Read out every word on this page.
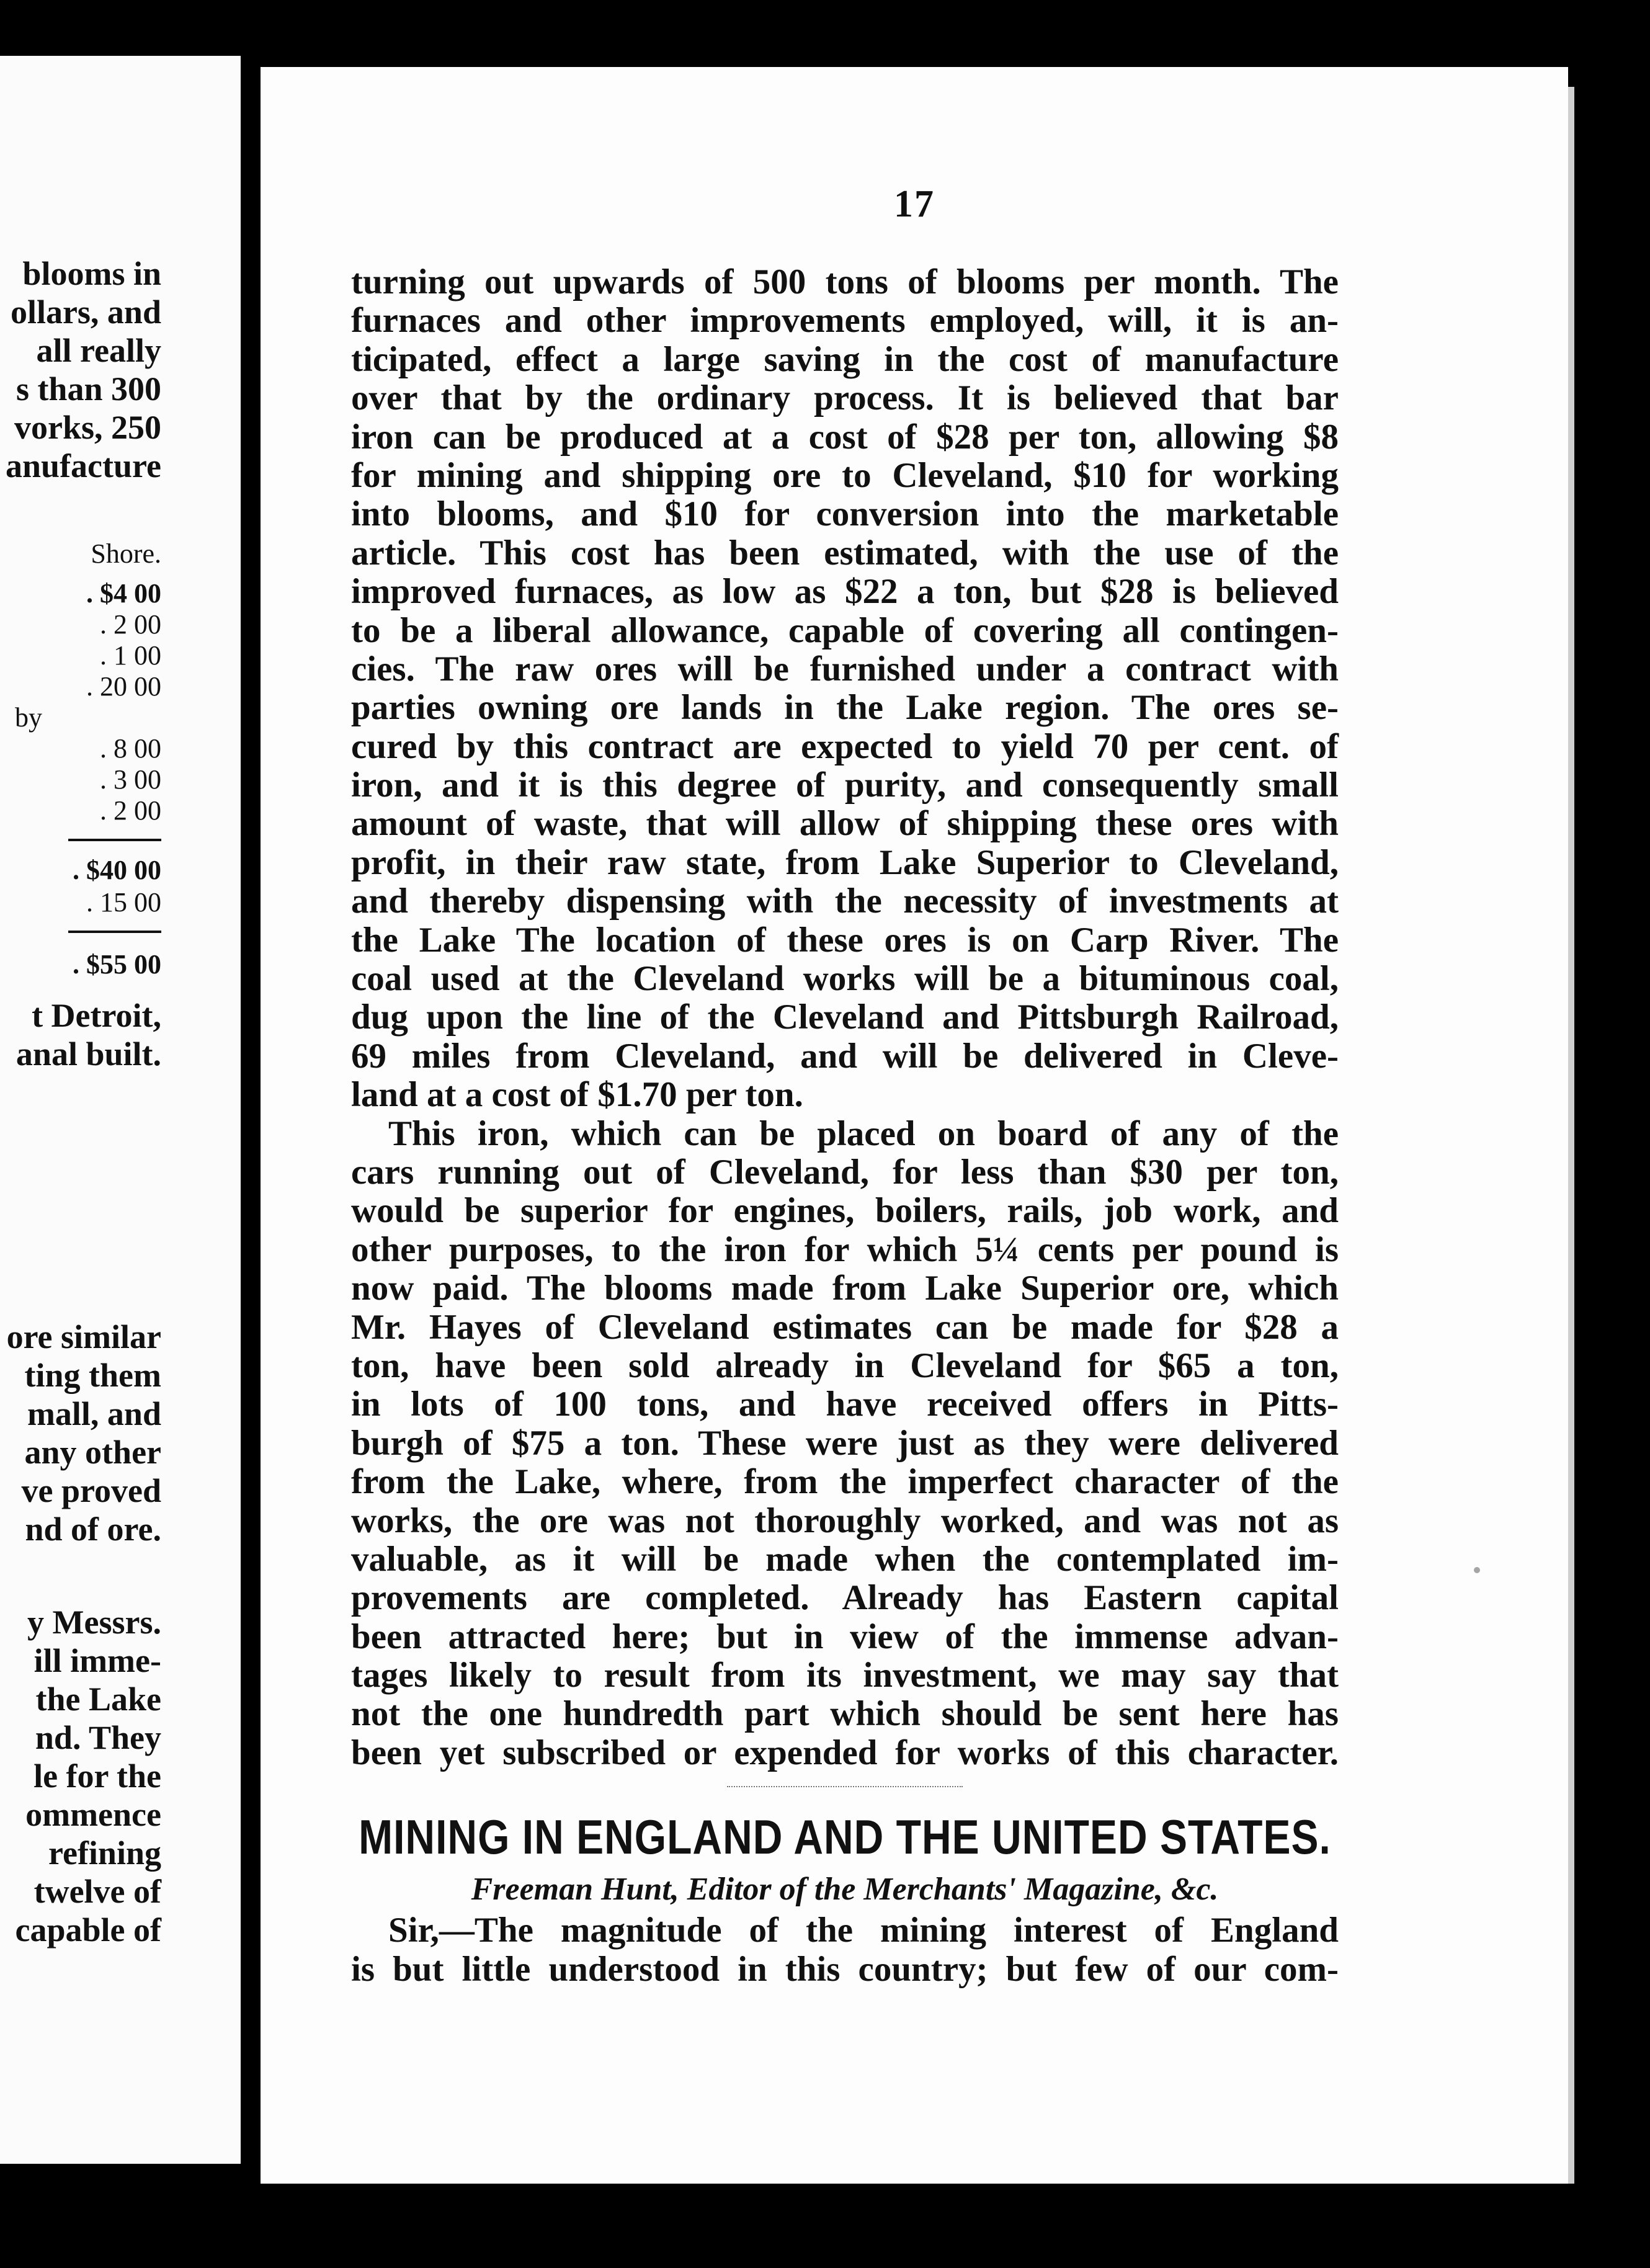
blooms in
ollars, and
all really
s than 300
vorks, 250
anufacture
Shore.
. $4 00
. 2 00
. 1 00
. 20 00
by
. 8 00
. 3 00
. 2 00
. $40 00
. 15 00
. $55 00
t Detroit,
anal built.
ore similar
ting them
mall, and
any other
ve proved
nd of ore.
y Messrs.
ill imme-
the Lake
nd. They
le for the
ommence
refining
twelve of
capable of
17
turning out upwards of 500 tons of blooms per month. The
furnaces and other improvements employed, will, it is an-
ticipated, effect a large saving in the cost of manufacture
over that by the ordinary process. It is believed that bar
iron can be produced at a cost of $28 per ton, allowing $8
for mining and shipping ore to Cleveland, $10 for working
into blooms, and $10 for conversion into the marketable
article. This cost has been estimated, with the use of the
improved furnaces, as low as $22 a ton, but $28 is believed
to be a liberal allowance, capable of covering all contingen-
cies. The raw ores will be furnished under a contract with
parties owning ore lands in the Lake region. The ores se-
cured by this contract are expected to yield 70 per cent. of
iron, and it is this degree of purity, and consequently small
amount of waste, that will allow of shipping these ores with
profit, in their raw state, from Lake Superior to Cleveland,
and thereby dispensing with the necessity of investments at
the Lake The location of these ores is on Carp River. The
coal used at the Cleveland works will be a bituminous coal,
dug upon the line of the Cleveland and Pittsburgh Railroad,
69 miles from Cleveland, and will be delivered in Cleve-
land at a cost of $1.70 per ton.
This iron, which can be placed on board of any of the
cars running out of Cleveland, for less than $30 per ton,
would be superior for engines, boilers, rails, job work, and
other purposes, to the iron for which 5¼ cents per pound is
now paid. The blooms made from Lake Superior ore, which
Mr. Hayes of Cleveland estimates can be made for $28 a
ton, have been sold already in Cleveland for $65 a ton,
in lots of 100 tons, and have received offers in Pitts-
burgh of $75 a ton. These were just as they were delivered
from the Lake, where, from the imperfect character of the
works, the ore was not thoroughly worked, and was not as
valuable, as it will be made when the contemplated im-
provements are completed. Already has Eastern capital
been attracted here; but in view of the immense advan-
tages likely to result from its investment, we may say that
not the one hundredth part which should be sent here has
been yet subscribed or expended for works of this character.
MINING IN ENGLAND AND THE UNITED STATES.
Freeman Hunt, Editor of the Merchants' Magazine, &c.
Sir,—The magnitude of the mining interest of England
is but little understood in this country; but few of our com-
